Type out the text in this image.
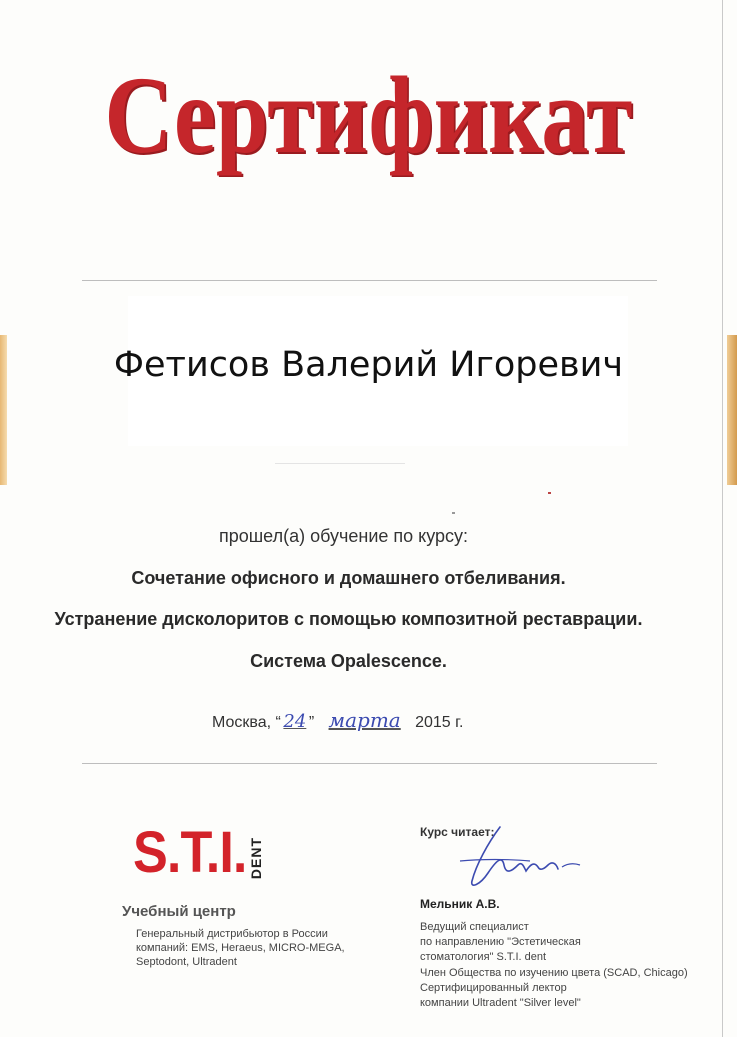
Сертификат
Фетисов Валерий Игоревич
прошел(а) обучение по курсу:
Сочетание офисного и домашнего отбеливания.
Устранение дисколоритов с помощью композитной реставрации.
Система Opalescence.
Москва, “ 24 ” марта 2015 г.
S.T.I. DENT
Учебный центр
Генеральный дистрибьютор в России
компаний: EMS, Heraeus, MICRO-MEGA,
Septodont, Ultradent
Курс читает:
Мельник А.В.
Ведущий специалист
по направлению "Эстетическая
стоматология" S.T.I. dent
Член Общества по изучению цвета (SCAD, Chicago)
Сертифицированный лектор
компании Ultradent "Silver level"
